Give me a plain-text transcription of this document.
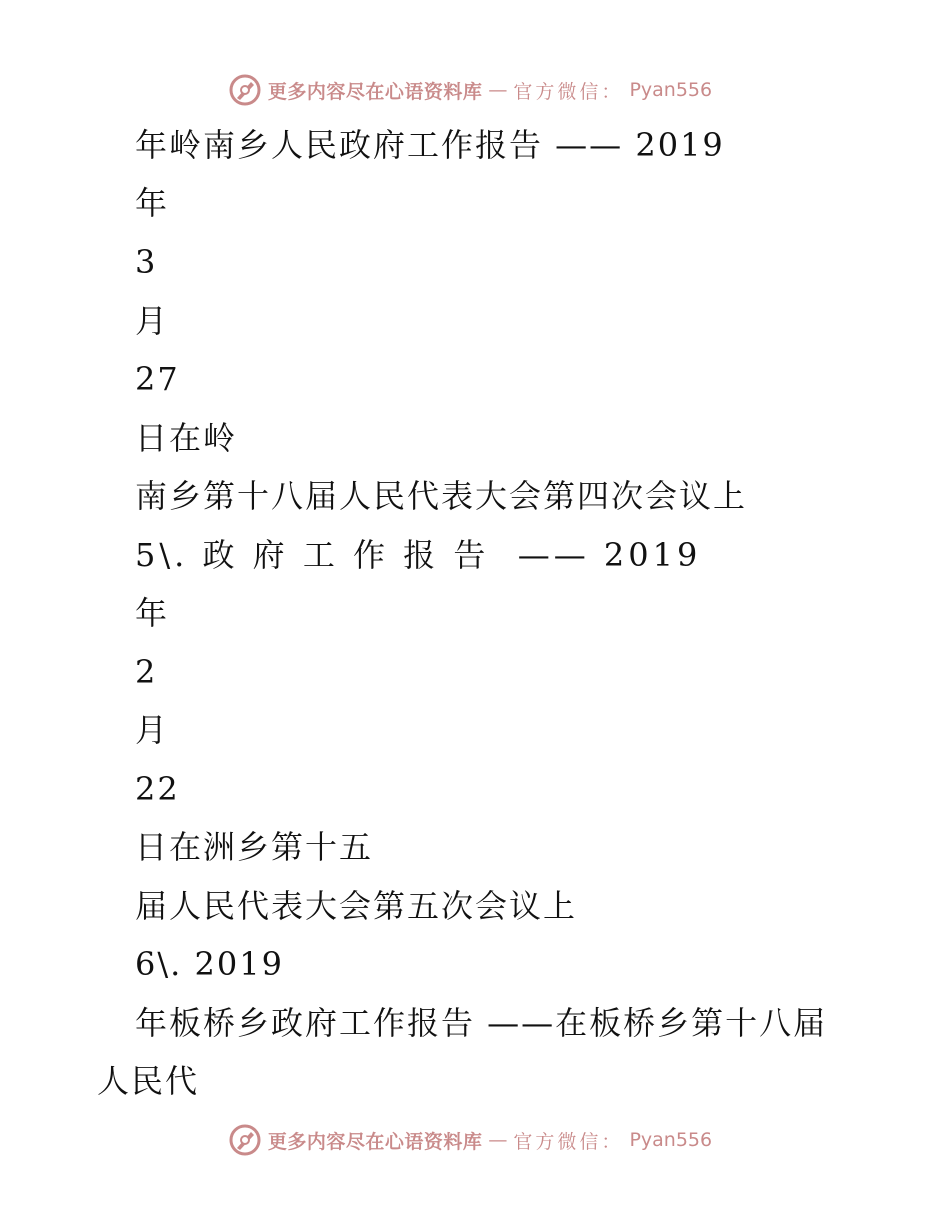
更多内容尽在心语资料库 — 官方微信： Pyan556
年岭南乡人民政府工作报告 —— 2019
年
3
月
27
日在岭
南乡第十八届人民代表大会第四次会议上
5\. 政 府 工 作 报 告  —— 2019
年
2
月
22
日在洲乡第十五
届人民代表大会第五次会议上
6\. 2019
年板桥乡政府工作报告 ——在板桥乡第十八届
人民代
更多内容尽在心语资料库 — 官方微信： Pyan556
